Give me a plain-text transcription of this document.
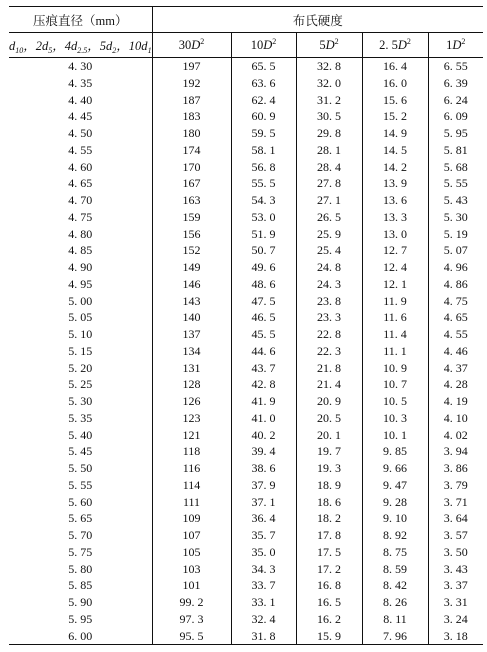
压痕直径（mm）	布氏硬度				
$d_{10}$，$2d_5$，$4d_{2.5}$，$5d_2$，$10d_1$	$30D^2$	$10D^2$	$5D^2$	2. $5D^2$	$1D^2$
4. 30	197	65. 5	32. 8	16. 4	6. 55
4. 35	192	63. 6	32. 0	16. 0	6. 39
4. 40	187	62. 4	31. 2	15. 6	6. 24
4. 45	183	60. 9	30. 5	15. 2	6. 09
4. 50	180	59. 5	29. 8	14. 9	5. 95
4. 55	174	58. 1	28. 1	14. 5	5. 81
4. 60	170	56. 8	28. 4	14. 2	5. 68
4. 65	167	55. 5	27. 8	13. 9	5. 55
4. 70	163	54. 3	27. 1	13. 6	5. 43
4. 75	159	53. 0	26. 5	13. 3	5. 30
4. 80	156	51. 9	25. 9	13. 0	5. 19
4. 85	152	50. 7	25. 4	12. 7	5. 07
4. 90	149	49. 6	24. 8	12. 4	4. 96
4. 95	146	48. 6	24. 3	12. 1	4. 86
5. 00	143	47. 5	23. 8	11. 9	4. 75
5. 05	140	46. 5	23. 3	11. 6	4. 65
5. 10	137	45. 5	22. 8	11. 4	4. 55
5. 15	134	44. 6	22. 3	11. 1	4. 46
5. 20	131	43. 7	21. 8	10. 9	4. 37
5. 25	128	42. 8	21. 4	10. 7	4. 28
5. 30	126	41. 9	20. 9	10. 5	4. 19
5. 35	123	41. 0	20. 5	10. 3	4. 10
5. 40	121	40. 2	20. 1	10. 1	4. 02
5. 45	118	39. 4	19. 7	9. 85	3. 94
5. 50	116	38. 6	19. 3	9. 66	3. 86
5. 55	114	37. 9	18. 9	9. 47	3. 79
5. 60	111	37. 1	18. 6	9. 28	3. 71
5. 65	109	36. 4	18. 2	9. 10	3. 64
5. 70	107	35. 7	17. 8	8. 92	3. 57
5. 75	105	35. 0	17. 5	8. 75	3. 50
5. 80	103	34. 3	17. 2	8. 59	3. 43
5. 85	101	33. 7	16. 8	8. 42	3. 37
5. 90	99. 2	33. 1	16. 5	8. 26	3. 31
5. 95	97. 3	32. 4	16. 2	8. 11	3. 24
6. 00	95. 5	31. 8	15. 9	7. 96	3. 18
